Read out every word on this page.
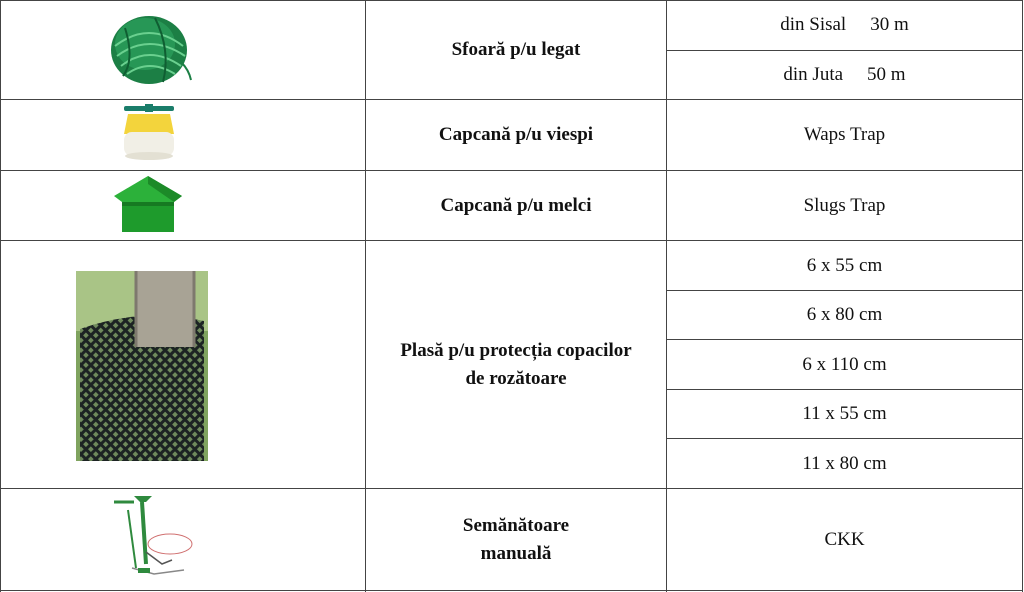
Sfoară p/u legat
din Sisal 30 m
din Juta 50 m
Capcană p/u viespi	Waps Trap
Capcană p/u melci	Slugs Trap
Plasă p/u protecția copacilor
de rozătoare
6 x 55 cm
6 x 80 cm
6 x 110 cm
11 x 55 cm
11 x 80 cm
Semănătoare
manuală
CKK
